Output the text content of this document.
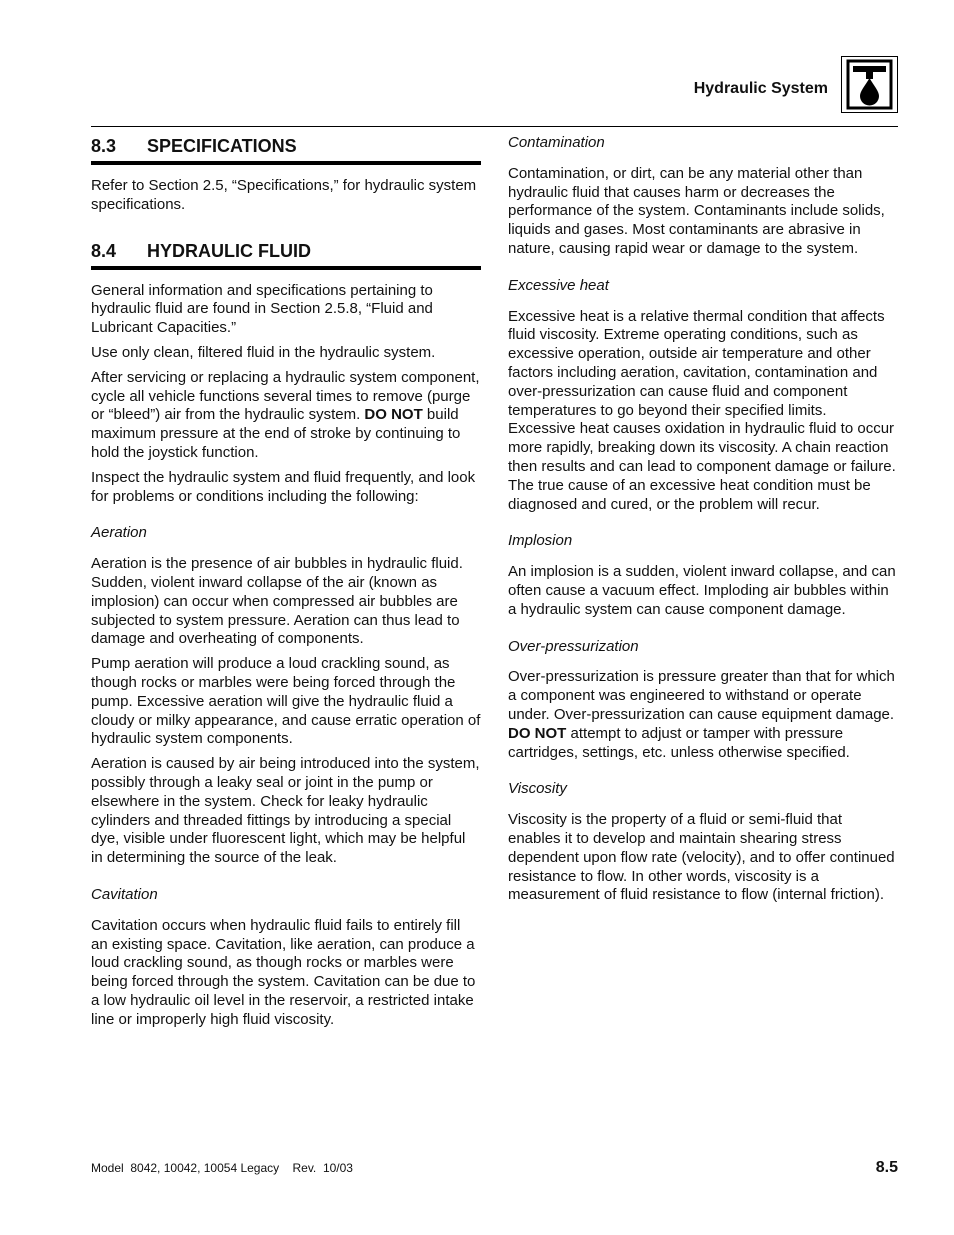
Hydraulic System
8.3	SPECIFICATIONS

Refer to Section 2.5, “Specifications,” for hydraulic system specifications.

8.4	HYDRAULIC FLUID

General information and specifications pertaining to hydraulic fluid are found in Section 2.5.8, “Fluid and Lubricant Capacities.”

Use only clean, filtered fluid in the hydraulic system.

After servicing or replacing a hydraulic system component, cycle all vehicle functions several times to remove (purge or “bleed”) air from the hydraulic system. DO NOT build maximum pressure at the end of stroke by continuing to hold the joystick function.

Inspect the hydraulic system and fluid frequently, and look for problems or conditions including the following:

Aeration

Aeration is the presence of air bubbles in hydraulic fluid. Sudden, violent inward collapse of the air (known as implosion) can occur when compressed air bubbles are subjected to system pressure. Aeration can thus lead to damage and overheating of components.

Pump aeration will produce a loud crackling sound, as though rocks or marbles were being forced through the pump. Excessive aeration will give the hydraulic fluid a cloudy or milky appearance, and cause erratic operation of hydraulic system components.

Aeration is caused by air being introduced into the system, possibly through a leaky seal or joint in the pump or elsewhere in the system. Check for leaky hydraulic cylinders and threaded fittings by introducing a special dye, visible under fluorescent light, which may be helpful in determining the source of the leak.

Cavitation

Cavitation occurs when hydraulic fluid fails to entirely fill an existing space. Cavitation, like aeration, can produce a loud crackling sound, as though rocks or marbles were being forced through the system. Cavitation can be due to a low hydraulic oil level in the reservoir, a restricted intake line or improperly high fluid viscosity.

Contamination

Contamination, or dirt, can be any material other than hydraulic fluid that causes harm or decreases the performance of the system. Contaminants include solids, liquids and gases. Most contaminants are abrasive in nature, causing rapid wear or damage to the system.

Excessive heat

Excessive heat is a relative thermal condition that affects fluid viscosity. Extreme operating conditions, such as excessive operation, outside air temperature and other factors including aeration, cavitation, contamination and over-pressurization can cause fluid and component temperatures to go beyond their specified limits. Excessive heat causes oxidation in hydraulic fluid to occur more rapidly, breaking down its viscosity. A chain reaction then results and can lead to component damage or failure. The true cause of an excessive heat condition must be diagnosed and cured, or the problem will recur.

Implosion

An implosion is a sudden, violent inward collapse, and can often cause a vacuum effect. Imploding air bubbles within a hydraulic system can cause component damage.

Over-pressurization

Over-pressurization is pressure greater than that for which a component was engineered to withstand or operate under. Over-pressurization can cause equipment damage. DO NOT attempt to adjust or tamper with pressure cartridges, settings, etc. unless otherwise specified.

Viscosity

Viscosity is the property of a fluid or semi-fluid that enables it to develop and maintain shearing stress dependent upon flow rate (velocity), and to offer continued resistance to flow. In other words, viscosity is a measurement of fluid resistance to flow (internal friction).

Model  8042, 10042, 10054 Legacy    Rev.  10/03	8.5
